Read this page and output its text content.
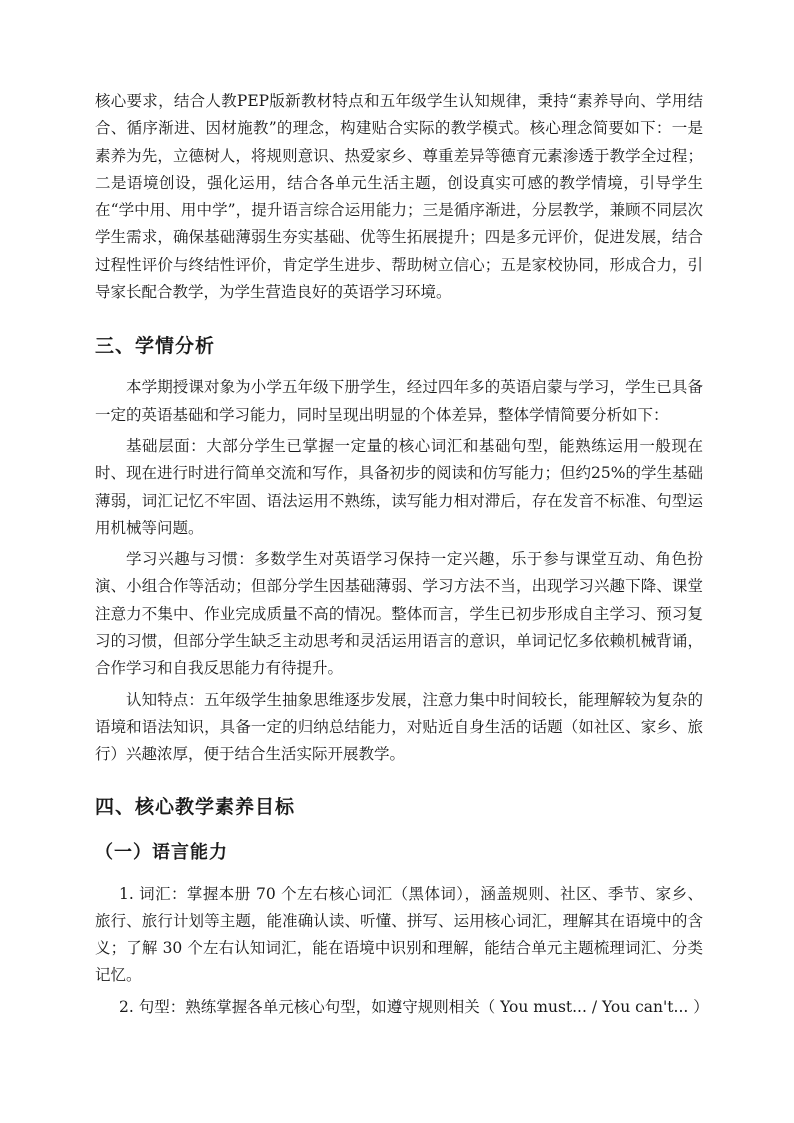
核心要求，结合人教PEP版新教材特点和五年级学生认知规律，秉持“素养导向、学用结合、循序渐进、因材施教”的理念，构建贴合实际的教学模式。核心理念简要如下：一是素养为先，立德树人，将规则意识、热爱家乡、尊重差异等德育元素渗透于教学全过程；二是语境创设，强化运用，结合各单元生活主题，创设真实可感的教学情境，引导学生在“学中用、用中学”，提升语言综合运用能力；三是循序渐进，分层教学，兼顾不同层次学生需求，确保基础薄弱生夯实基础、优等生拓展提升；四是多元评价，促进发展，结合过程性评价与终结性评价，肯定学生进步、帮助树立信心；五是家校协同，形成合力，引导家长配合教学，为学生营造良好的英语学习环境。

三、学情分析

本学期授课对象为小学五年级下册学生，经过四年多的英语启蒙与学习，学生已具备一定的英语基础和学习能力，同时呈现出明显的个体差异，整体学情简要分析如下：

基础层面：大部分学生已掌握一定量的核心词汇和基础句型，能熟练运用一般现在时、现在进行时进行简单交流和写作，具备初步的阅读和仿写能力；但约25%的学生基础薄弱，词汇记忆不牢固、语法运用不熟练，读写能力相对滞后，存在发音不标准、句型运用机械等问题。

学习兴趣与习惯：多数学生对英语学习保持一定兴趣，乐于参与课堂互动、角色扮演、小组合作等活动；但部分学生因基础薄弱、学习方法不当，出现学习兴趣下降、课堂注意力不集中、作业完成质量不高的情况。整体而言，学生已初步形成自主学习、预习复习的习惯，但部分学生缺乏主动思考和灵活运用语言的意识，单词记忆多依赖机械背诵，合作学习和自我反思能力有待提升。

认知特点：五年级学生抽象思维逐步发展，注意力集中时间较长，能理解较为复杂的语境和语法知识，具备一定的归纳总结能力，对贴近自身生活的话题（如社区、家乡、旅行）兴趣浓厚，便于结合生活实际开展教学。

四、核心教学素养目标
（一）语言能力

1. 词汇：掌握本册 70 个左右核心词汇（黑体词），涵盖规则、社区、季节、家乡、旅行、旅行计划等主题，能准确认读、听懂、拼写、运用核心词汇，理解其在语境中的含义；了解 30 个左右认知词汇，能在语境中识别和理解，能结合单元主题梳理词汇、分类记忆。

2. 句型：熟练掌握各单元核心句型，如遵守规则相关（ You must... / You can't... ）
